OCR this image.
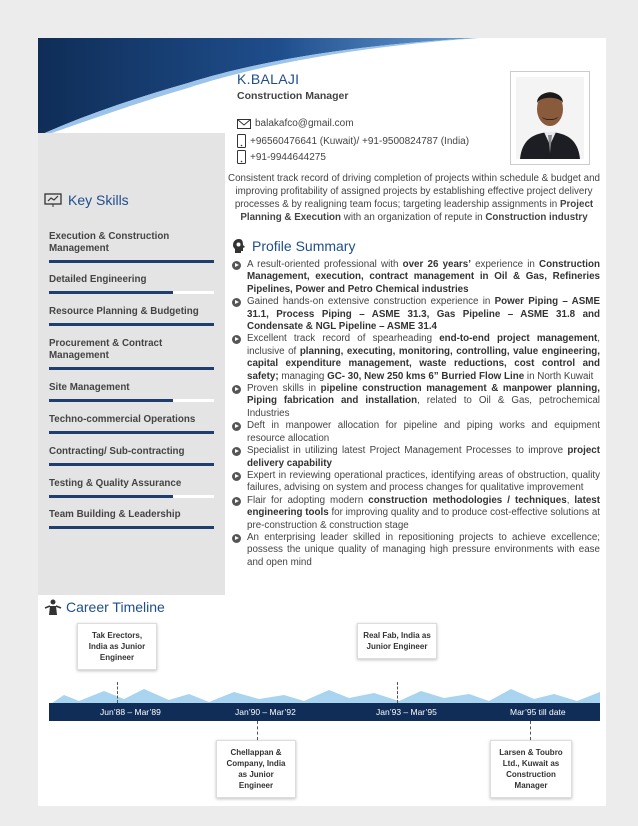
K.BALAJI
Construction Manager
balakafco@gmail.com
+96560476641 (Kuwait)/ +91-9500824787 (India)
+91-9944644275
Consistent track record of driving completion of projects within schedule & budget and improving profitability of assigned projects by establishing effective project delivery processes & by realigning team focus; targeting leadership assignments in Project Planning & Execution with an organization of repute in Construction industry
Key Skills
Execution & Construction Management
Detailed Engineering
Resource Planning & Budgeting
Procurement & Contract Management
Site Management
Techno-commercial Operations
Contracting/ Sub-contracting
Testing & Quality Assurance
Team Building & Leadership
Profile Summary
A result-oriented professional with over 26 years’ experience in Construction Management, execution, contract management in Oil & Gas, Refineries Pipelines, Power and Petro Chemical industries
Gained hands-on extensive construction experience in Power Piping – ASME 31.1, Process Piping – ASME 31.3, Gas Pipeline – ASME 31.8 and Condensate & NGL Pipeline – ASME 31.4
Excellent track record of spearheading end-to-end project management, inclusive of planning, executing, monitoring, controlling, value engineering, capital expenditure management, waste reductions, cost control and safety; managing GC- 30, New 250 kms 6” Burried Flow Line in North Kuwait
Proven skills in pipeline construction management & manpower planning, Piping fabrication and installation, related to Oil & Gas, petrochemical Industries
Deft in manpower allocation for pipeline and piping works and equipment resource allocation
Specialist in utilizing latest Project Management Processes to improve project delivery capability
Expert in reviewing operational practices, identifying areas of obstruction, quality failures, advising on system and process changes for qualitative improvement
Flair for adopting modern construction methodologies / techniques, latest engineering tools for improving quality and to produce cost-effective solutions at pre-construction & construction stage
An enterprising leader skilled in repositioning projects to achieve excellence; possess the unique quality of managing high pressure environments with ease and open mind
Career Timeline
Jun’88 – Mar’89	Jan’90 – Mar’92	Jan’93 – Mar’95	Mar’95 till date
Tak Erectors, India as Junior Engineer
Real Fab, India as Junior Engineer
Chellappan & Company, India as Junior Engineer
Larsen & Toubro Ltd., Kuwait as Construction Manager
